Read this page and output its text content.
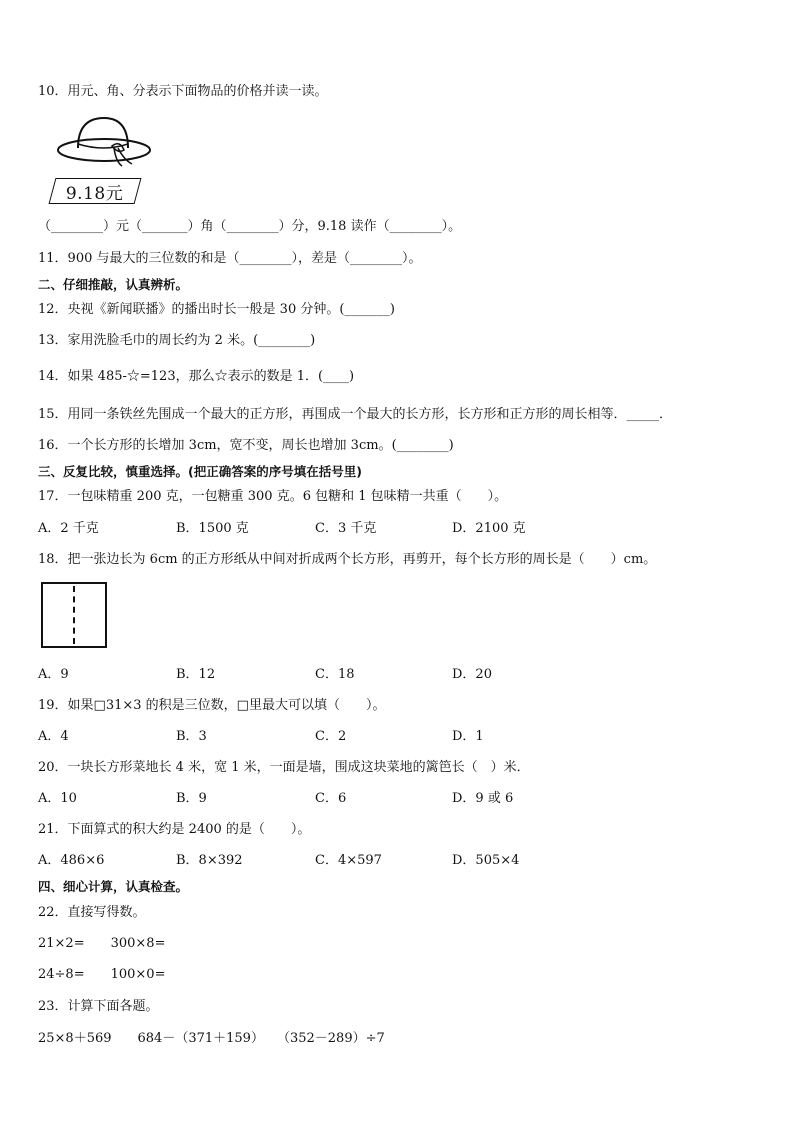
10．用元、角、分表示下面物品的价格并读一读。
9.18元
（________）元（_______）角（________）分，9.18 读作（________）。
11．900 与最大的三位数的和是（________），差是（________）。
二、仔细推敲，认真辨析。
12．央视《新闻联播》的播出时长一般是 30 分钟。(_______)
13．家用洗脸毛巾的周长约为 2 米。(________)
14．如果 485-☆=123，那么☆表示的数是 1．(____)
15．用同一条铁丝先围成一个最大的正方形，再围成一个最大的长方形，长方形和正方形的周长相等．_____．
16．一个长方形的长增加 3cm，宽不变，周长也增加 3cm。(________)
三、反复比较，慎重选择。(把正确答案的序号填在括号里)
17．一包味精重 200 克，一包糖重 300 克。6 包糖和 1 包味精一共重（　　）。
A．2 千克	B．1500 克	C．3 千克	D．2100 克
18．把一张边长为 6cm 的正方形纸从中间对折成两个长方形，再剪开，每个长方形的周长是（　　）cm。
A．9	B．12	C．18	D．20
19．如果□31×3 的积是三位数，□里最大可以填（　　）。
A．4	B．3	C．2	D．1
20．一块长方形菜地长 4 米，宽 1 米，一面是墙，围成这块菜地的篱笆长（　）米．
A．10	B．9	C．6	D．9 或 6
21．下面算式的积大约是 2400 的是（　　）。
A．486×6	B．8×392	C．4×597	D．505×4
四、细心计算，认真检查。
22．直接写得数。
21×2=　　300×8=
24÷8=　　100×0=
23．计算下面各题。
25×8＋569　　684－（371＋159）　　（352－289）÷7
